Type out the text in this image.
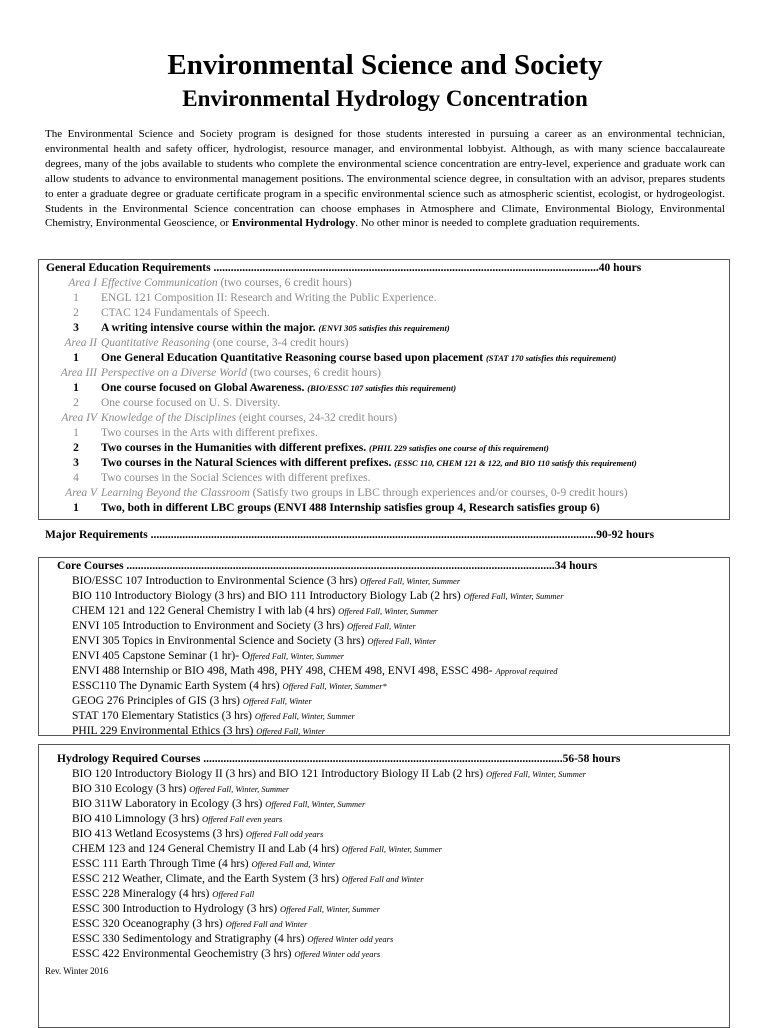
Environmental Science and Society
Environmental Hydrology Concentration
The Environmental Science and Society program is designed for those students interested in pursuing a career as an environmental technician, environmental health and safety officer, hydrologist, resource manager, and environmental lobbyist. Although, as with many science baccalaureate degrees, many of the jobs available to students who complete the environmental science concentration are entry-level, experience and graduate work can allow students to advance to environmental management positions. The environmental science degree, in consultation with an advisor, prepares students to enter a graduate degree or graduate certificate program in a specific environmental science such as atmospheric scientist, ecologist, or hydrogeologist. Students in the Environmental Science concentration can choose emphases in Atmosphere and Climate, Environmental Biology, Environmental Chemistry, Environmental Geoscience, or Environmental Hydrology. No other minor is needed to complete graduation requirements.
General Education Requirements ......................................................................................................................................40 hours
Area I Effective Communication (two courses, 6 credit hours)
1	ENGL 121 Composition II: Research and Writing the Public Experience.
2	CTAC 124 Fundamentals of Speech.
3	A writing intensive course within the major. (ENVI 305 satisfies this requirement)
Area II Quantitative Reasoning (one course, 3-4 credit hours)
1	One General Education Quantitative Reasoning course based upon placement (STAT 170 satisfies this requirement)
Area III Perspective on a Diverse World (two courses, 6 credit hours)
1	One course focused on Global Awareness. (BIO/ESSC 107 satisfies this requirement)
2	One course focused on U. S. Diversity.
Area IV Knowledge of the Disciplines (eight courses, 24-32 credit hours)
1	Two courses in the Arts with different prefixes.
2	Two courses in the Humanities with different prefixes. (PHIL 229 satisfies one course of this requirement)
3	Two courses in the Natural Sciences with different prefixes. (ESSC 110, CHEM 121 & 122, and BIO 110 satisfy this requirement)
4	Two courses in the Social Sciences with different prefixes.
Area V Learning Beyond the Classroom (Satisfy two groups in LBC through experiences and/or courses, 0-9 credit hours)
1	Two, both in different LBC groups (ENVI 488 Internship satisfies group 4, Research satisfies group 6)
Major Requirements ...........................................................................................................................................................90-92 hours
Core Courses .....................................................................................................................................................34 hours
BIO/ESSC 107 Introduction to Environmental Science (3 hrs) Offered Fall, Winter, Summer
BIO 110 Introductory Biology (3 hrs) and BIO 111 Introductory Biology Lab (2 hrs) Offered Fall, Winter, Summer
CHEM 121 and 122 General Chemistry I with lab (4 hrs) Offered Fall, Winter, Summer
ENVI 105 Introduction to Environment and Society (3 hrs) Offered Fall, Winter
ENVI 305 Topics in Environmental Science and Society (3 hrs) Offered Fall, Winter
ENVI 405 Capstone Seminar (1 hr)- Offered Fall, Winter, Summer
ENVI 488 Internship or BIO 498, Math 498, PHY 498, CHEM 498, ENVI 498, ESSC 498- Approval required
ESSC110 The Dynamic Earth System (4 hrs) Offered Fall, Winter, Summer*
GEOG 276 Principles of GIS (3 hrs) Offered Fall, Winter
STAT 170 Elementary Statistics (3 hrs) Offered Fall, Winter, Summer
PHIL 229 Environmental Ethics (3 hrs) Offered Fall, Winter
Hydrology Required Courses .............................................................................................................................56-58 hours
BIO 120 Introductory Biology II (3 hrs) and BIO 121 Introductory Biology II Lab (2 hrs) Offered Fall, Winter, Summer
BIO 310 Ecology (3 hrs) Offered Fall, Winter, Summer
BIO 311W Laboratory in Ecology (3 hrs) Offered Fall, Winter, Summer
BIO 410 Limnology (3 hrs) Offered Fall even years
BIO 413 Wetland Ecosystems (3 hrs) Offered Fall odd years
CHEM 123 and 124 General Chemistry II and Lab (4 hrs) Offered Fall, Winter, Summer
ESSC 111 Earth Through Time (4 hrs) Offered Fall and, Winter
ESSC 212 Weather, Climate, and the Earth System (3 hrs) Offered Fall and Winter
ESSC 228 Mineralogy (4 hrs) Offered Fall
ESSC 300 Introduction to Hydrology (3 hrs) Offered Fall, Winter, Summer
ESSC 320 Oceanography (3 hrs) Offered Fall and Winter
ESSC 330 Sedimentology and Stratigraphy (4 hrs) Offered Winter odd years
ESSC 422 Environmental Geochemistry (3 hrs) Offered Winter odd years
Rev. Winter 2016
